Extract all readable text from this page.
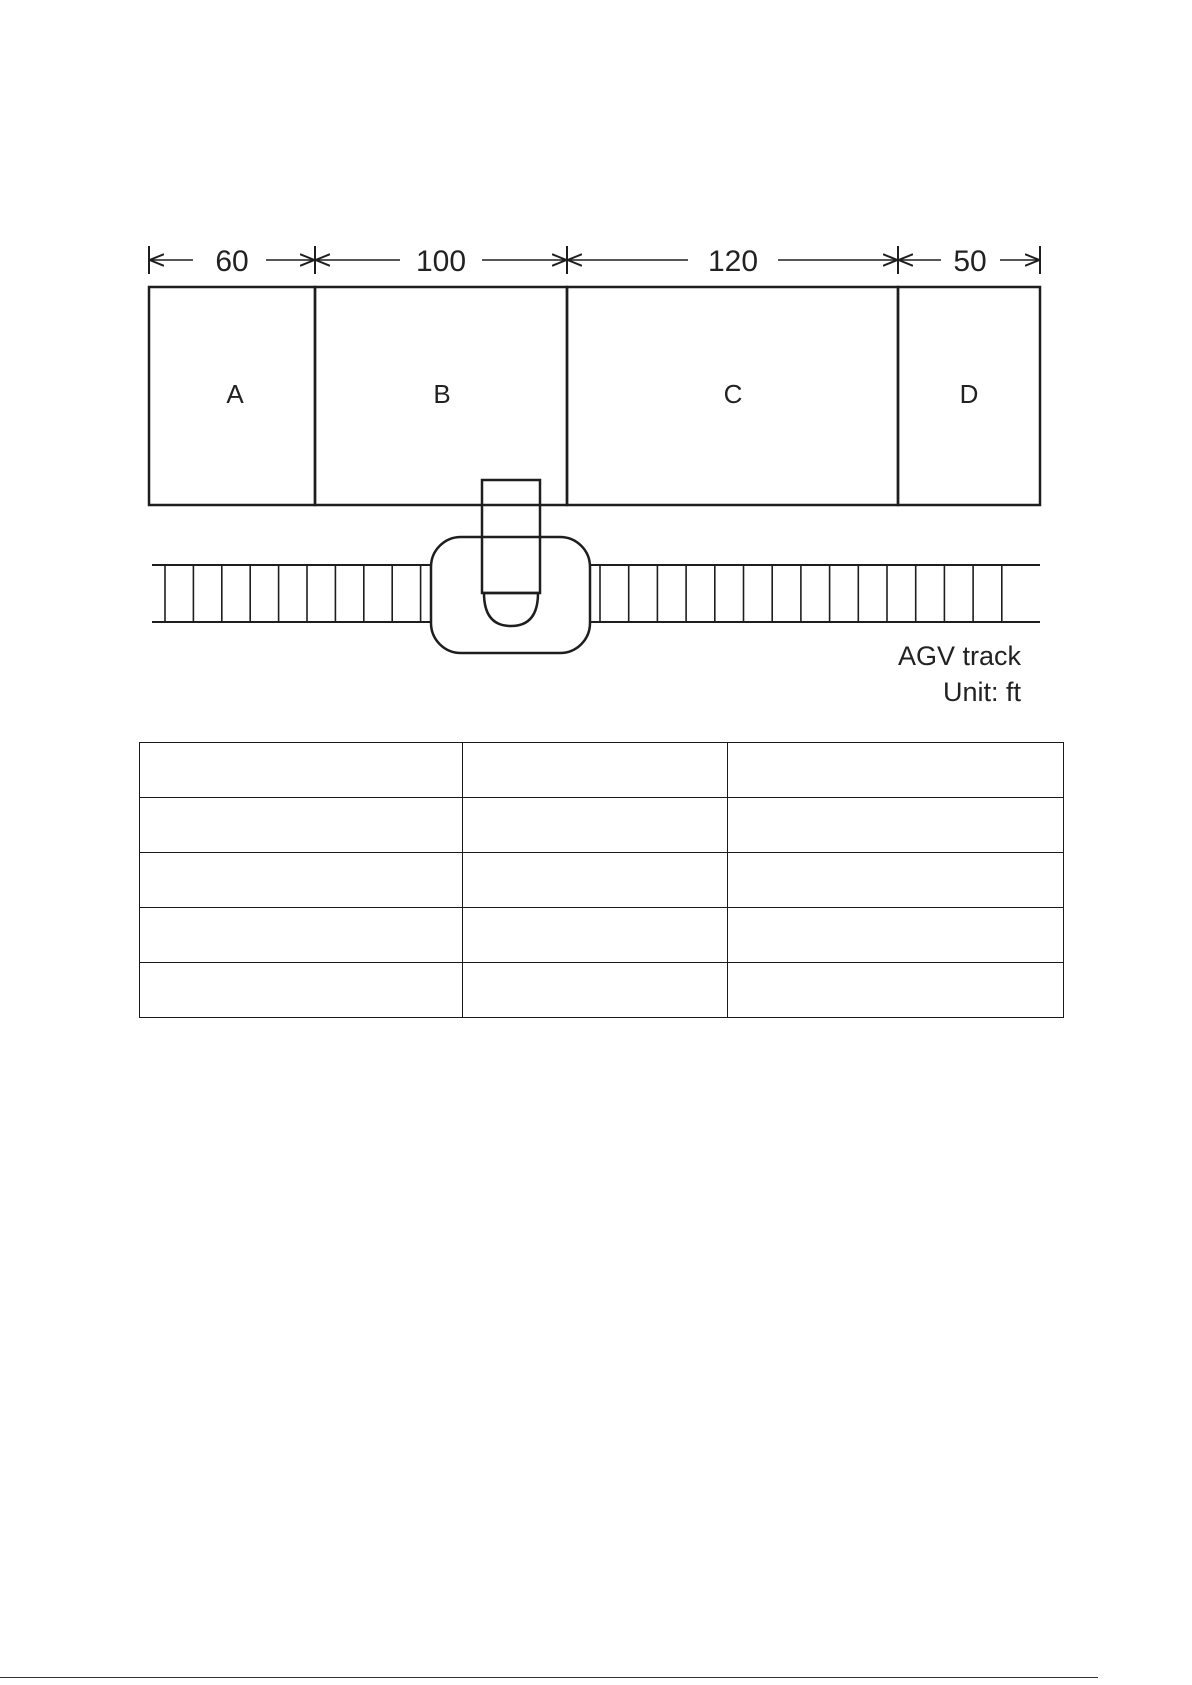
60	100	120	50
A	B	C	D
AGV track
Unit: ft
